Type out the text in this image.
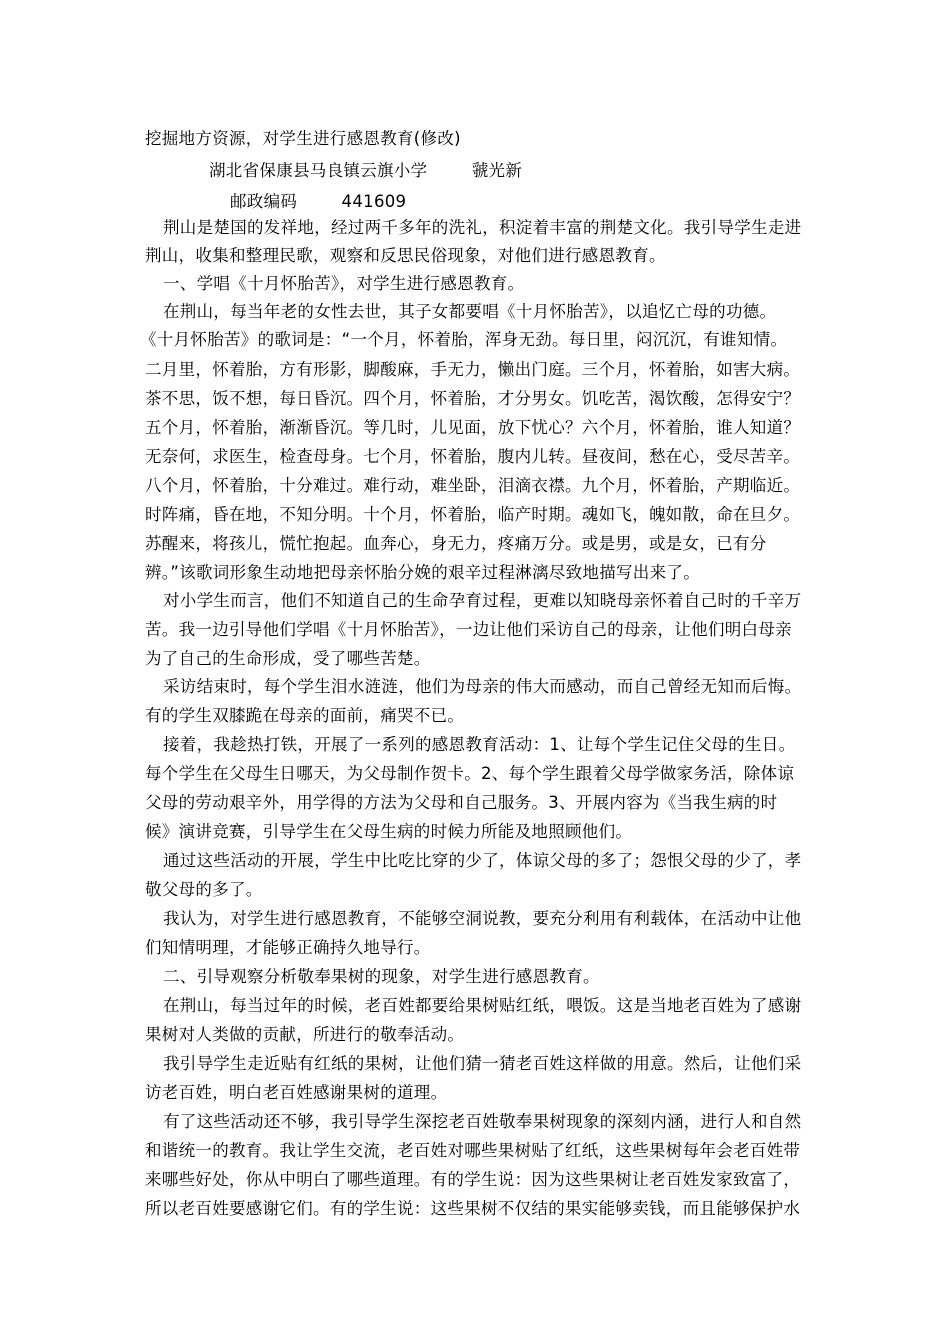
挖掘地方资源，对学生进行感恩教育(修改)
湖北省保康县马良镇云旗小学        虢光新
邮政编码        441609
荆山是楚国的发祥地，经过两千多年的洗礼，积淀着丰富的荆楚文化。我引导学生走进
荆山，收集和整理民歌，观察和反思民俗现象，对他们进行感恩教育。
一、学唱《十月怀胎苦》，对学生进行感恩教育。
在荆山，每当年老的女性去世，其子女都要唱《十月怀胎苦》，以追忆亡母的功德。
《十月怀胎苦》的歌词是：“一个月，怀着胎，浑身无劲。每日里，闷沉沉，有谁知情。
二月里，怀着胎，方有形影，脚酸麻，手无力，懒出门庭。三个月，怀着胎，如害大病。
茶不思，饭不想，每日昏沉。四个月，怀着胎，才分男女。饥吃苦，渴饮酸，怎得安宁？
五个月，怀着胎，渐渐昏沉。等几时，儿见面，放下忧心？六个月，怀着胎，谁人知道？
无奈何，求医生，检查母身。七个月，怀着胎，腹内儿转。昼夜间，愁在心，受尽苦辛。
八个月，怀着胎，十分难过。难行动，难坐卧，泪滴衣襟。九个月，怀着胎，产期临近。
时阵痛，昏在地，不知分明。十个月，怀着胎，临产时期。魂如飞，魄如散，命在旦夕。
苏醒来，将孩儿，慌忙抱起。血奔心，身无力，疼痛万分。或是男，或是女，已有分
辨。”该歌词形象生动地把母亲怀胎分娩的艰辛过程淋漓尽致地描写出来了。
对小学生而言，他们不知道自己的生命孕育过程，更难以知晓母亲怀着自己时的千辛万
苦。我一边引导他们学唱《十月怀胎苦》，一边让他们采访自己的母亲，让他们明白母亲
为了自己的生命形成，受了哪些苦楚。
采访结束时，每个学生泪水涟涟，他们为母亲的伟大而感动，而自己曾经无知而后悔。
有的学生双膝跪在母亲的面前，痛哭不已。
接着，我趁热打铁，开展了一系列的感恩教育活动：1、让每个学生记住父母的生日。
每个学生在父母生日哪天，为父母制作贺卡。2、每个学生跟着父母学做家务活，除体谅
父母的劳动艰辛外，用学得的方法为父母和自己服务。3、开展内容为《当我生病的时
候》演讲竞赛，引导学生在父母生病的时候力所能及地照顾他们。
通过这些活动的开展，学生中比吃比穿的少了，体谅父母的多了；怨恨父母的少了，孝
敬父母的多了。
我认为，对学生进行感恩教育，不能够空洞说教，要充分利用有利载体，在活动中让他
们知情明理，才能够正确持久地导行。
二、引导观察分析敬奉果树的现象，对学生进行感恩教育。
在荆山，每当过年的时候，老百姓都要给果树贴红纸，喂饭。这是当地老百姓为了感谢
果树对人类做的贡献，所进行的敬奉活动。
我引导学生走近贴有红纸的果树，让他们猜一猜老百姓这样做的用意。然后，让他们采
访老百姓，明白老百姓感谢果树的道理。
有了这些活动还不够，我引导学生深挖老百姓敬奉果树现象的深刻内涵，进行人和自然
和谐统一的教育。我让学生交流，老百姓对哪些果树贴了红纸，这些果树每年会老百姓带
来哪些好处，你从中明白了哪些道理。有的学生说：因为这些果树让老百姓发家致富了，
所以老百姓要感谢它们。有的学生说：这些果树不仅结的果实能够卖钱，而且能够保护水
